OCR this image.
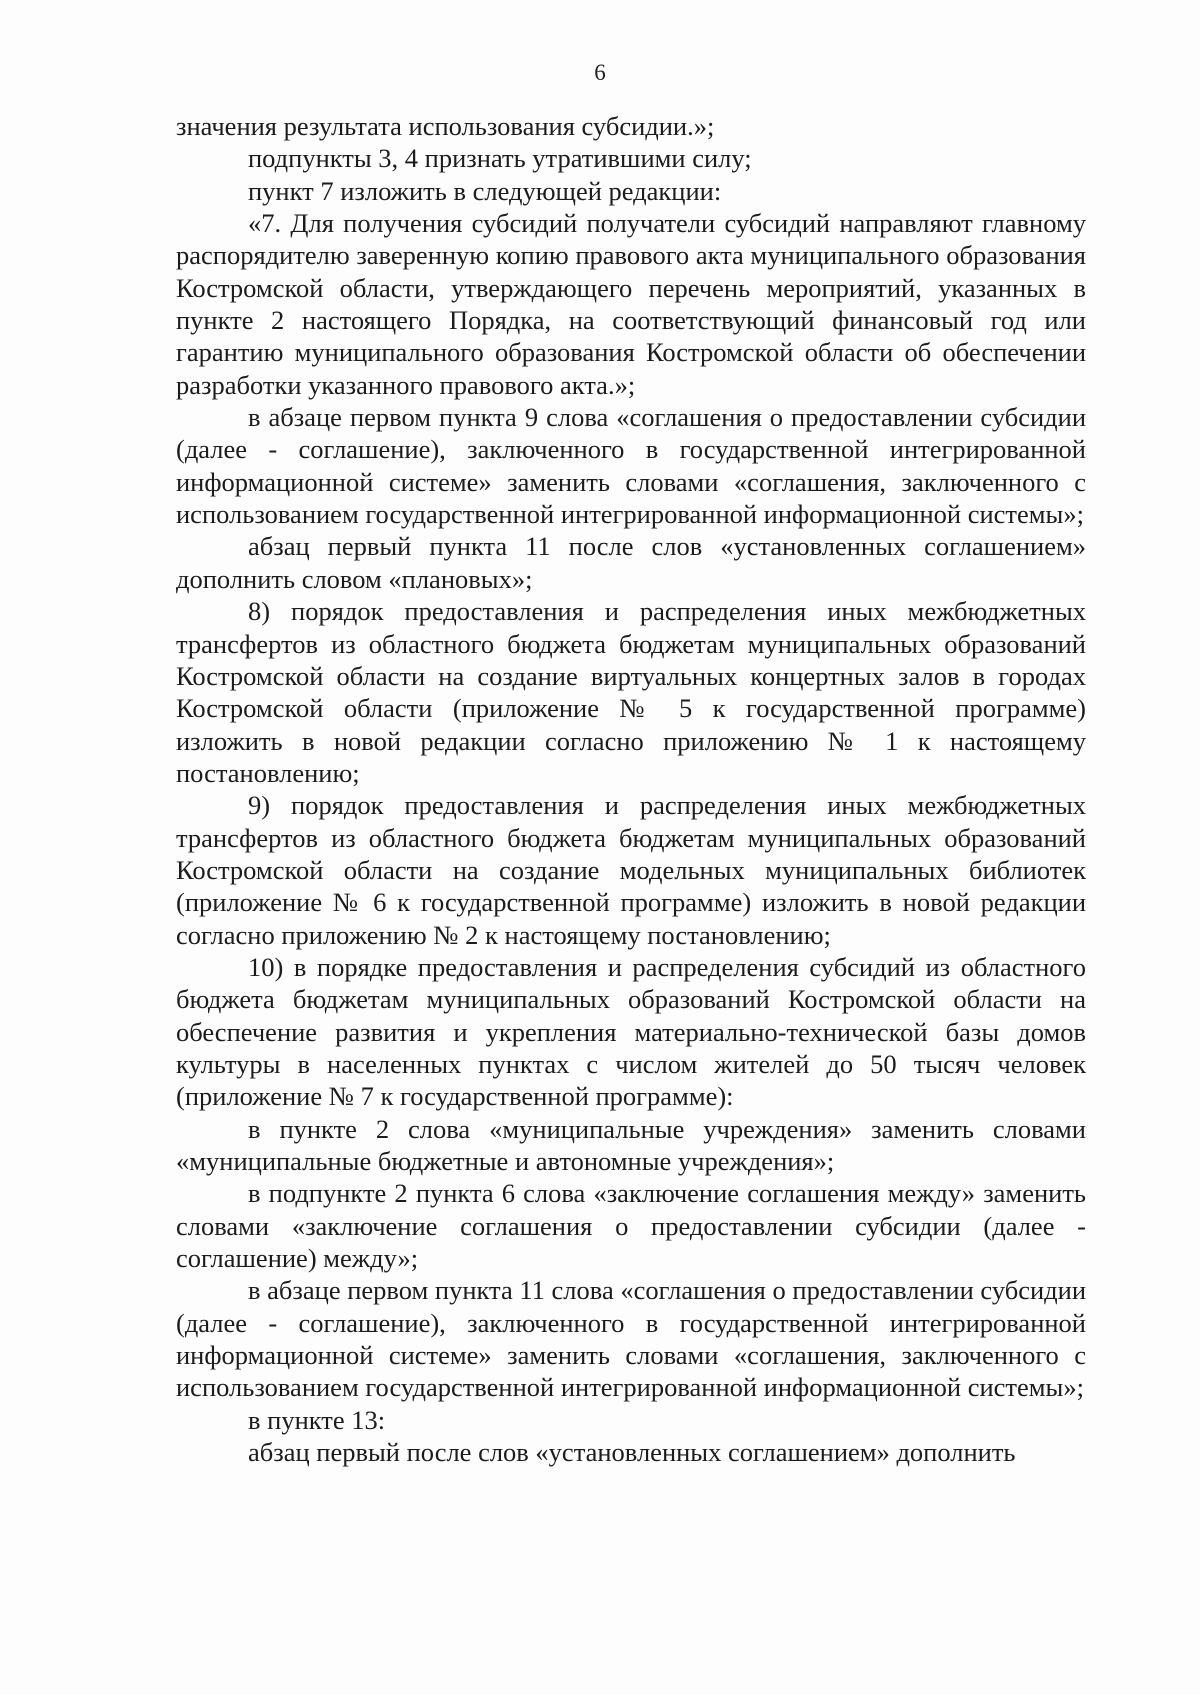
6

значения результата использования субсидии.»;

подпункты 3, 4 признать утратившими силу;

пункт 7 изложить в следующей редакции:

«7. Для получения субсидий получатели субсидий направляют главному распорядителю заверенную копию правового акта муниципального образования Костромской области, утверждающего перечень мероприятий, указанных в пункте 2 настоящего Порядка, на соответствующий финансовый год или гарантию муниципального образования Костромской области об обеспечении разработки указанного правового акта.»;

в абзаце первом пункта 9 слова «соглашения о предоставлении субсидии (далее - соглашение), заключенного в государственной интегрированной информационной системе» заменить словами «соглашения, заключенного с использованием государственной интегрированной информационной системы»;

абзац первый пункта 11 после слов «установленных соглашением» дополнить словом «плановых»;

8) порядок предоставления и распределения иных межбюджетных трансфертов из областного бюджета бюджетам муниципальных образований Костромской области на создание виртуальных концертных залов в городах Костромской области (приложение № 5 к государственной программе) изложить в новой редакции согласно приложению № 1 к настоящему постановлению;

9) порядок предоставления и распределения иных межбюджетных трансфертов из областного бюджета бюджетам муниципальных образований Костромской области на создание модельных муниципальных библиотек (приложение № 6 к государственной программе) изложить в новой редакции согласно приложению № 2 к настоящему постановлению;

10) в порядке предоставления и распределения субсидий из областного бюджета бюджетам муниципальных образований Костромской области на обеспечение развития и укрепления материально-технической базы домов культуры в населенных пунктах с числом жителей до 50 тысяч человек (приложение № 7 к государственной программе):

в пункте 2 слова «муниципальные учреждения» заменить словами «муниципальные бюджетные и автономные учреждения»;

в подпункте 2 пункта 6 слова «заключение соглашения между» заменить словами «заключение соглашения о предоставлении субсидии (далее - соглашение) между»;

в абзаце первом пункта 11 слова «соглашения о предоставлении субсидии (далее - соглашение), заключенного в государственной интегрированной информационной системе» заменить словами «соглашения, заключенного с использованием государственной интегрированной информационной системы»;

в пункте 13:

абзац первый после слов «установленных соглашением» дополнить
